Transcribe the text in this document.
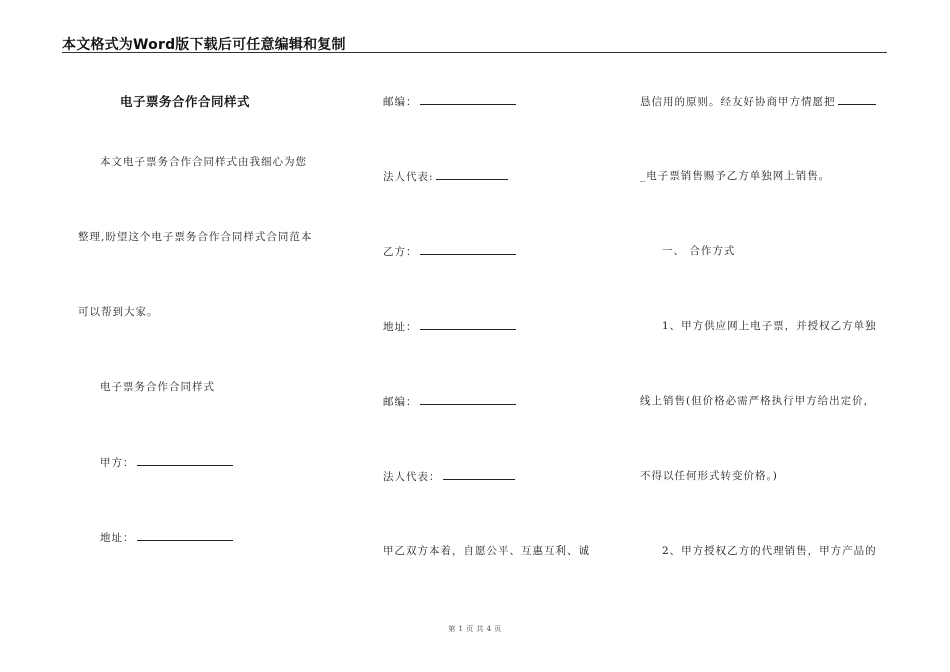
本文格式为Word版下载后可任意编辑和复制
电子票务合作合同样式
本文电子票务合作合同样式由我细心为您
整理,盼望这个电子票务合作合同样式合同范本
可以帮到大家。
电子票务合作合同样式
甲方：
地址：
邮编：
法人代表:
乙方：
地址：
邮编：
法人代表：
甲乙双方本着，自愿公平、互惠互利、诚
恳信用的原则。经友好协商甲方情愿把
_电子票销售赐予乙方单独网上销售。
一、 合作方式
1、甲方供应网上电子票，并授权乙方单独
线上销售(但价格必需严格执行甲方给出定价，
不得以任何形式转变价格。)
2、甲方授权乙方的代理销售，甲方产品的
第 1 页 共 4 页
